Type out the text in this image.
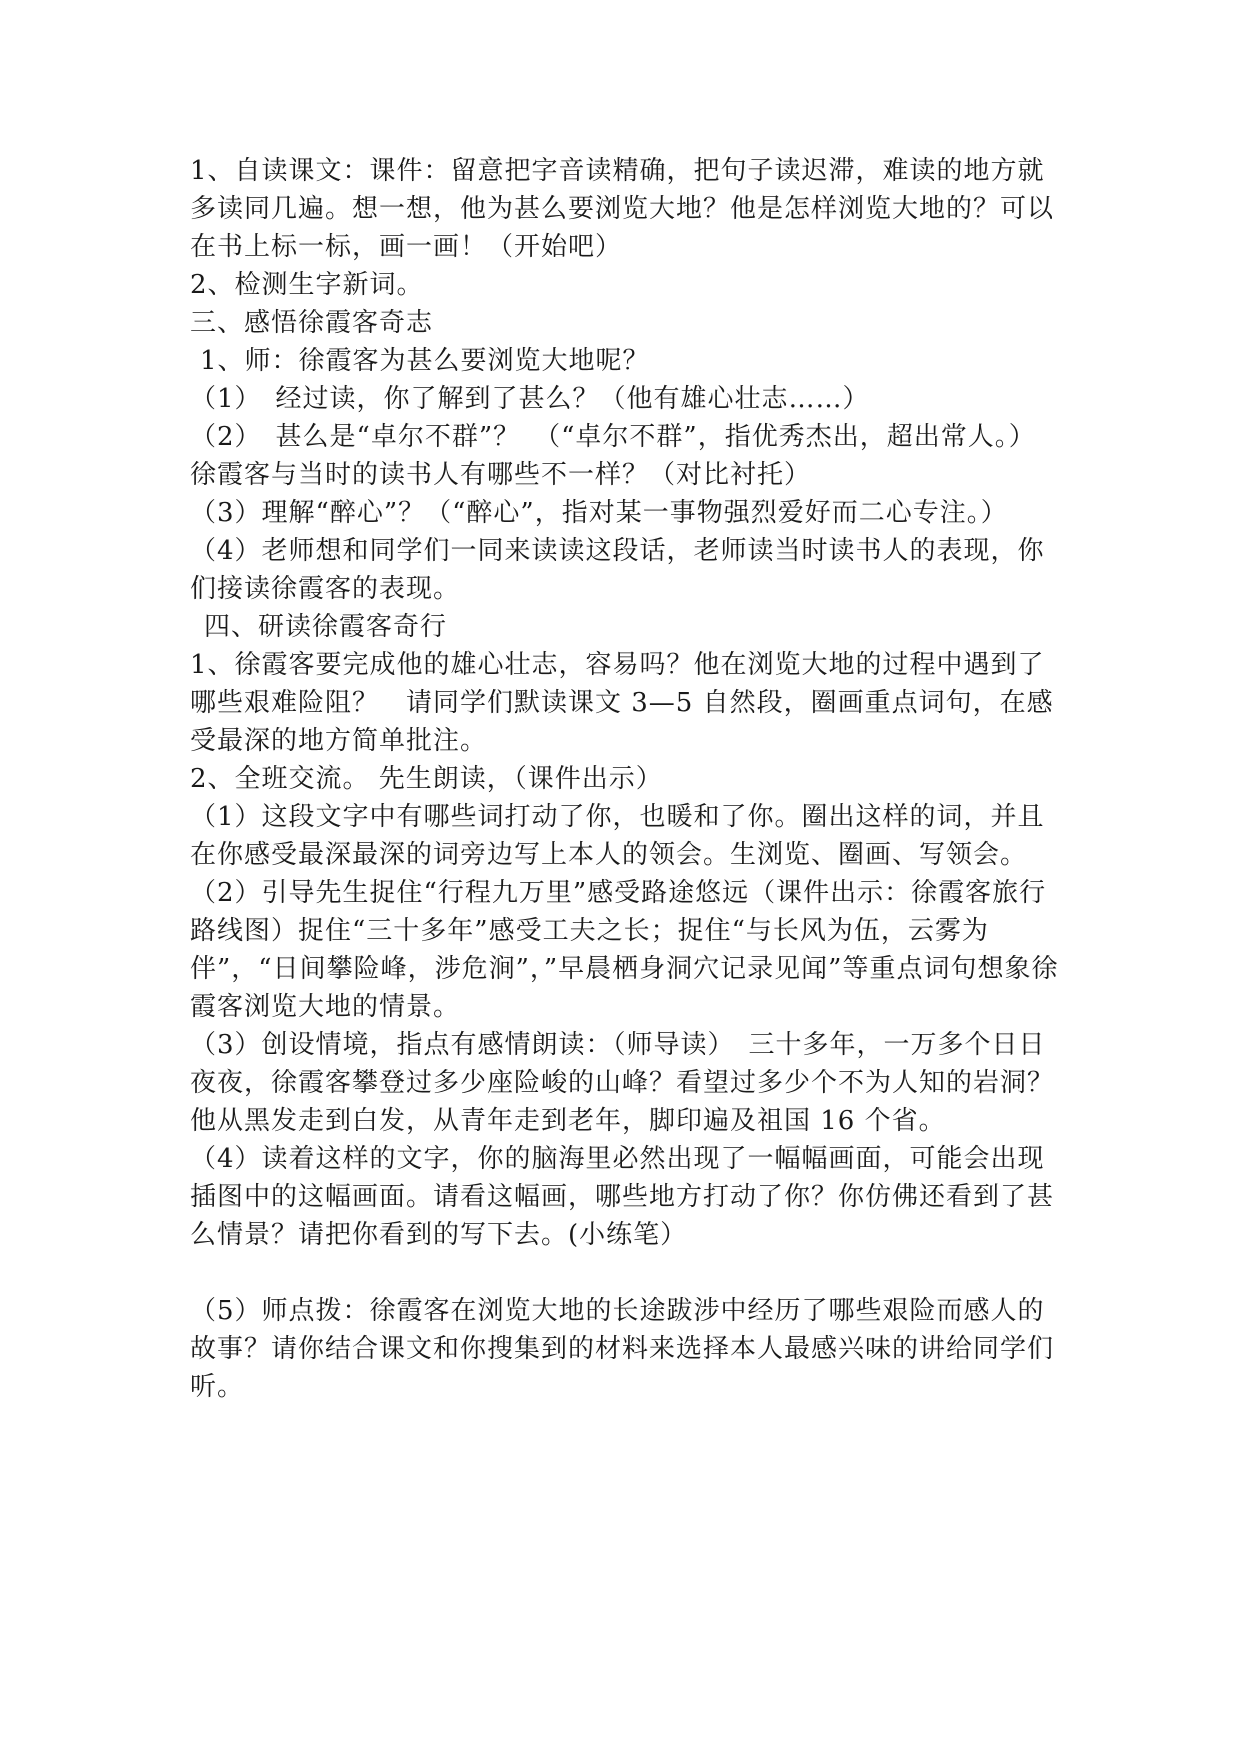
1、自读课文：课件：留意把字音读精确，把句子读迟滞，难读的地方就多读同几遍。想一想，他为甚么要浏览大地？他是怎样浏览大地的？可以在书上标一标，画一画！（开始吧）

2、检测生字新词。

三、感悟徐霞客奇志

1、师：徐霞客为甚么要浏览大地呢？

（1）　经过读，你了解到了甚么？（他有雄心壮志……）

（2）　甚么是“卓尔不群”？　（“卓尔不群”，指优秀杰出，超出常人。）徐霞客与当时的读书人有哪些不一样？（对比衬托）

（3）理解“醉心”？（“醉心”，指对某一事物强烈爱好而二心专注。）

（4）老师想和同学们一同来读读这段话，老师读当时读书人的表现，你们接读徐霞客的表现。

四、研读徐霞客奇行

1、徐霞客要完成他的雄心壮志，容易吗？他在浏览大地的过程中遇到了哪些艰难险阻？　请同学们默读课文 3—5 自然段，圈画重点词句，在感受最深的地方简单批注。

2、全班交流。 先生朗读，（课件出示）

（1）这段文字中有哪些词打动了你，也暖和了你。圈出这样的词，并且在你感受最深最深的词旁边写上本人的领会。生浏览、圈画、写领会。

（2）引导先生捉住“行程九万里”感受路途悠远（课件出示：徐霞客旅行路线图）捉住“三十多年”感受工夫之长；捉住“与长风为伍，云雾为伴”，“日间攀险峰，涉危涧”，”早晨栖身洞穴记录见闻”等重点词句想象徐霞客浏览大地的情景。

（3）创设情境，指点有感情朗读：（师导读）　三十多年，一万多个日日夜夜，徐霞客攀登过多少座险峻的山峰？看望过多少个不为人知的岩洞？他从黑发走到白发，从青年走到老年，脚印遍及祖国 16 个省。

（4）读着这样的文字，你的脑海里必然出现了一幅幅画面，可能会出现插图中的这幅画面。请看这幅画，哪些地方打动了你？你仿佛还看到了甚么情景？请把你看到的写下去。(小练笔）

（5）师点拨：徐霞客在浏览大地的长途跋涉中经历了哪些艰险而感人的故事？请你结合课文和你搜集到的材料来选择本人最感兴味的讲给同学们听。
